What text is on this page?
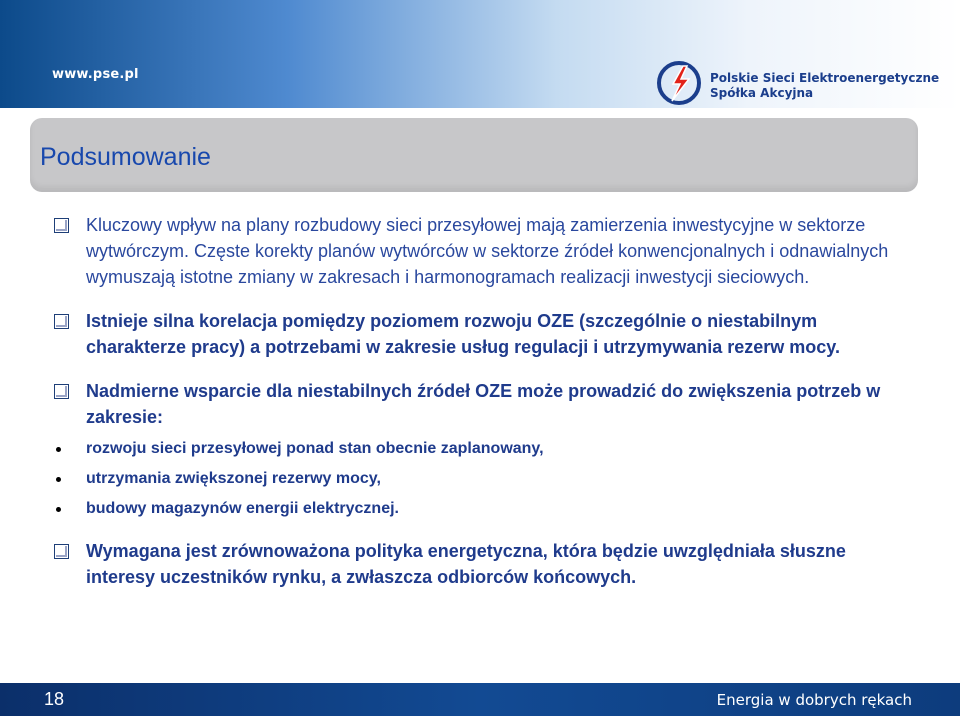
www.pse.pl	Polskie Sieci Elektroenergetyczne
Spółka Akcyjna
Podsumowanie
Kluczowy wpływ na plany rozbudowy sieci przesyłowej mają zamierzenia inwestycyjne w sektorze wytwórczym. Częste korekty planów wytwórców w sektorze źródeł konwencjonalnych i odnawialnych wymuszają istotne zmiany w zakresach i harmonogramach realizacji inwestycji sieciowych.
Istnieje silna korelacja pomiędzy poziomem rozwoju OZE (szczególnie o niestabilnym charakterze pracy) a potrzebami w zakresie usług regulacji i utrzymywania rezerw mocy.
Nadmierne wsparcie dla niestabilnych źródeł OZE może prowadzić do zwiększenia potrzeb w zakresie:
rozwoju sieci przesyłowej ponad stan obecnie zaplanowany,
utrzymania zwiększonej rezerwy mocy,
budowy magazynów energii elektrycznej.
Wymagana jest zrównoważona polityka energetyczna, która będzie uwzględniała słuszne interesy uczestników rynku, a zwłaszcza odbiorców końcowych.
18	Energia w dobrych rękach
